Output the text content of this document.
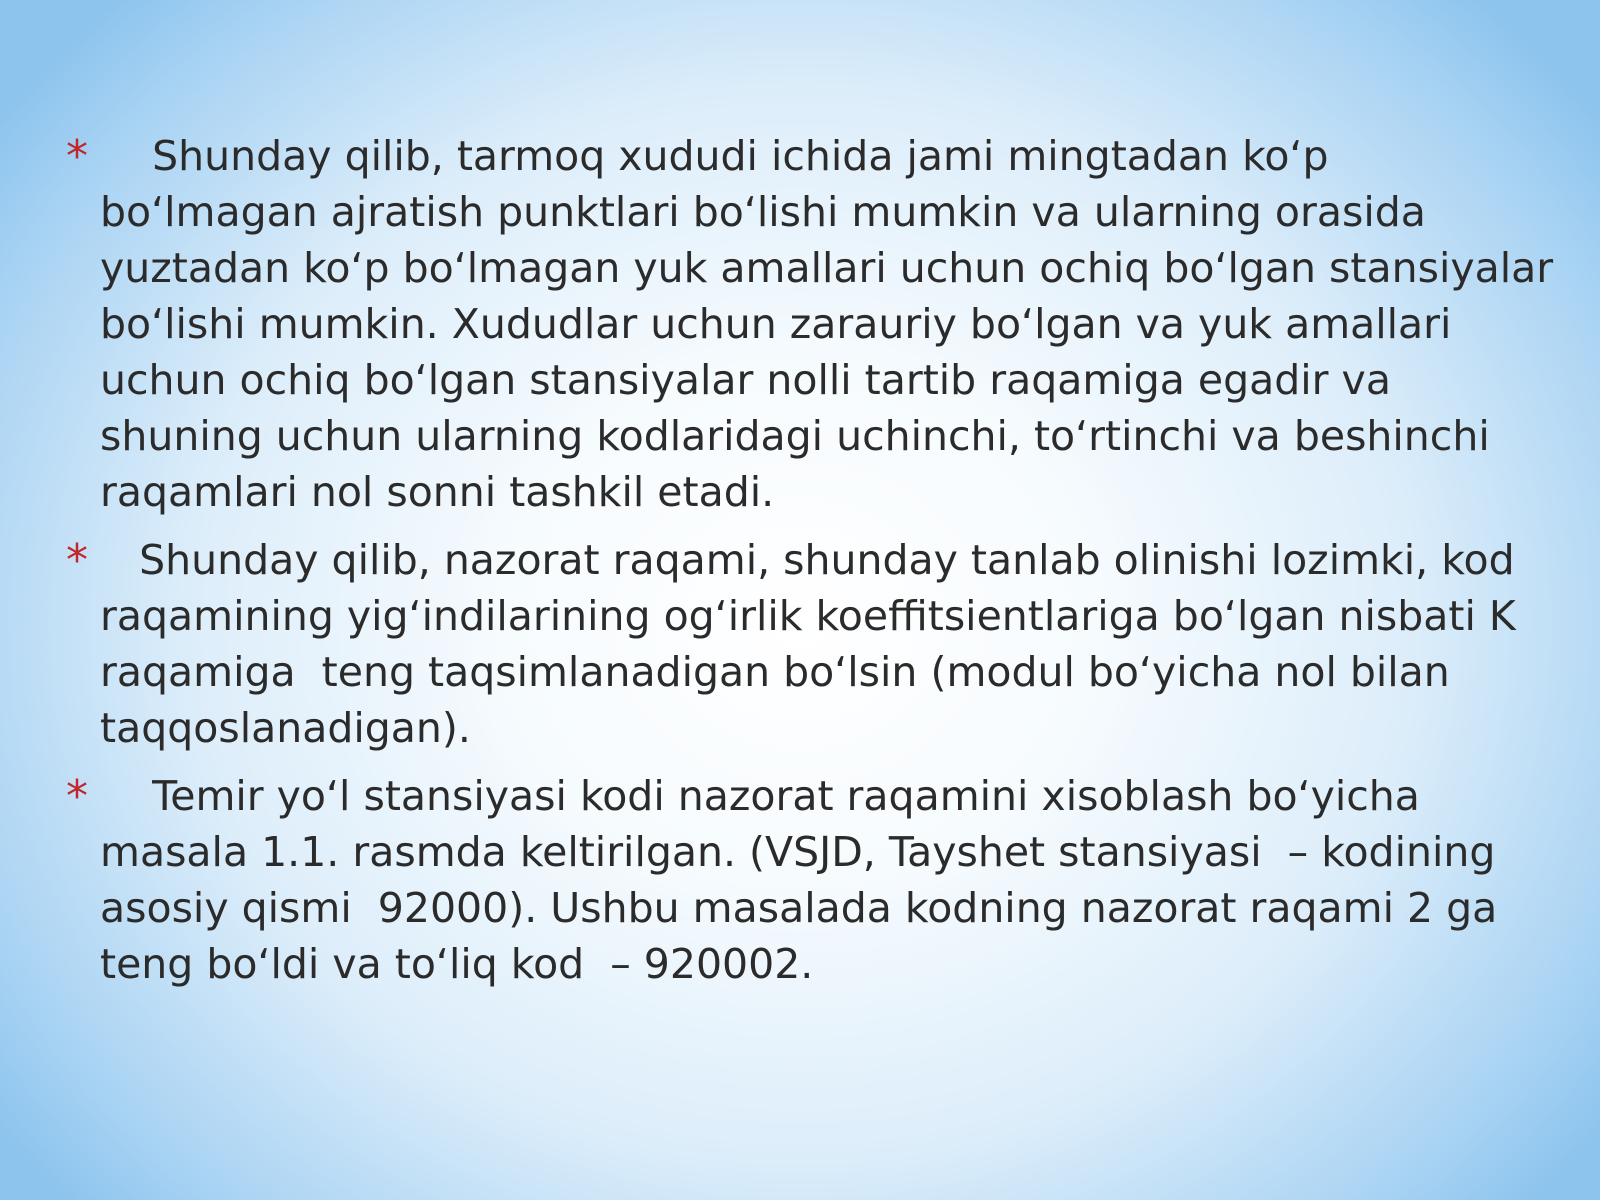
* Shunday qilib, tarmoq xududi ichida jami mingtadan ko‘p bo‘lmagan ajratish punktlari bo‘lishi mumkin va ularning orasida yuztadan ko‘p bo‘lmagan yuk amallari uchun ochiq bo‘lgan stansiyalar bo‘lishi mumkin. Xududlar uchun zarauriy bo‘lgan va yuk amallari uchun ochiq bo‘lgan stansiyalar nolli tartib raqamiga egadir va shuning uchun ularning kodlaridagi uchinchi, to‘rtinchi va beshinchi raqamlari nol sonni tashkil etadi.

* Shunday qilib, nazorat raqami, shunday tanlab olinishi lozimki, kod raqamining yig‘indilarining og‘irlik koeffitsientlariga bo‘lgan nisbati K raqamiga  teng taqsimlanadigan bo‘lsin (modul bo‘yicha nol bilan taqqoslanadigan).

* Temir yo‘l stansiyasi kodi nazorat raqamini xisoblash bo‘yicha masala 1.1. rasmda keltirilgan. (VSJD, Tayshet stansiyasi  – kodining asosiy qismi  92000). Ushbu masalada kodning nazorat raqami 2 ga teng bo‘ldi va to‘liq kod  – 920002.
